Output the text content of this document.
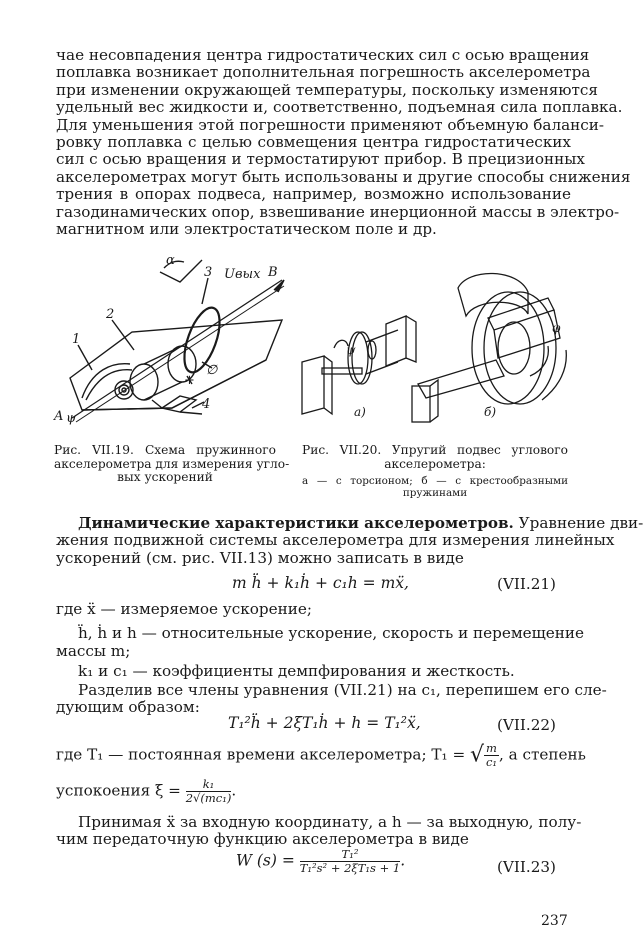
чае несовпадения центра гидростатических сил с осью вращения
поплавка возникает дополнительная погрешность акселерометра
при изменении окружающей температуры, поскольку изменяются
удельный вес жидкости и, соответственно, подъемная сила поплавка.
Для уменьшения этой погрешности применяют объемную баланси-
ровку поплавка с целью совмещения центра гидростатических
сил с осью вращения и термостатируют прибор. В прецизионных
акселерометрах могут быть использованы и другие способы снижения
трения в опорах подвеса, например, возможно использование
газодинамических опор, взвешивание инерционной массы в электро-
магнитном или электростатическом поле и др.
α
1
2
3
4
Uвых B
A ψ
+
∅
Рис. VII.19. Схема пружинного
акселерометра для измерения угло-
вых ускорений
а)	б)
ψ
φ
Рис. VII.20. Упругий подвес углового
акселерометра:
а — с торсионом; б — с крестообразными
пружинами
Динамические характеристики акселерометров. Уравнение дви-
жения подвижной системы акселерометра для измерения линейных
ускорений (см. рис. VII.13) можно записать в виде
m ḧ + k₁ḣ + c₁h = mẍ,	(VII.21)
где ẍ — измеряемое ускорение;
ḧ, ḣ и h — относительные ускорение, скорость и перемещение
массы m;
k₁ и c₁ — коэффициенты демпфирования и жесткость.
Разделив все члены уравнения (VII.21) на c₁, перепишем его сле-
дующим образом:
T₁²ḧ + 2ξT₁ḣ + h = T₁²ẍ,	(VII.22)
где T₁ — постоянная времени акселерометра; T₁ = √ $\frac{m}{\text{c₁}}$ , а степень
успокоения $\xi = \frac{\text{k₁}}{\text{2√(mc₁)}}$ .
Принимая ẍ за входную координату, а h — за выходную, полу-
чим передаточную функцию акселерометра в виде
W $(s) = \frac{\text{T₁²}}{\text{T₁²s² + 2ξT₁s + 1}}$ .	(VII.23)
237
